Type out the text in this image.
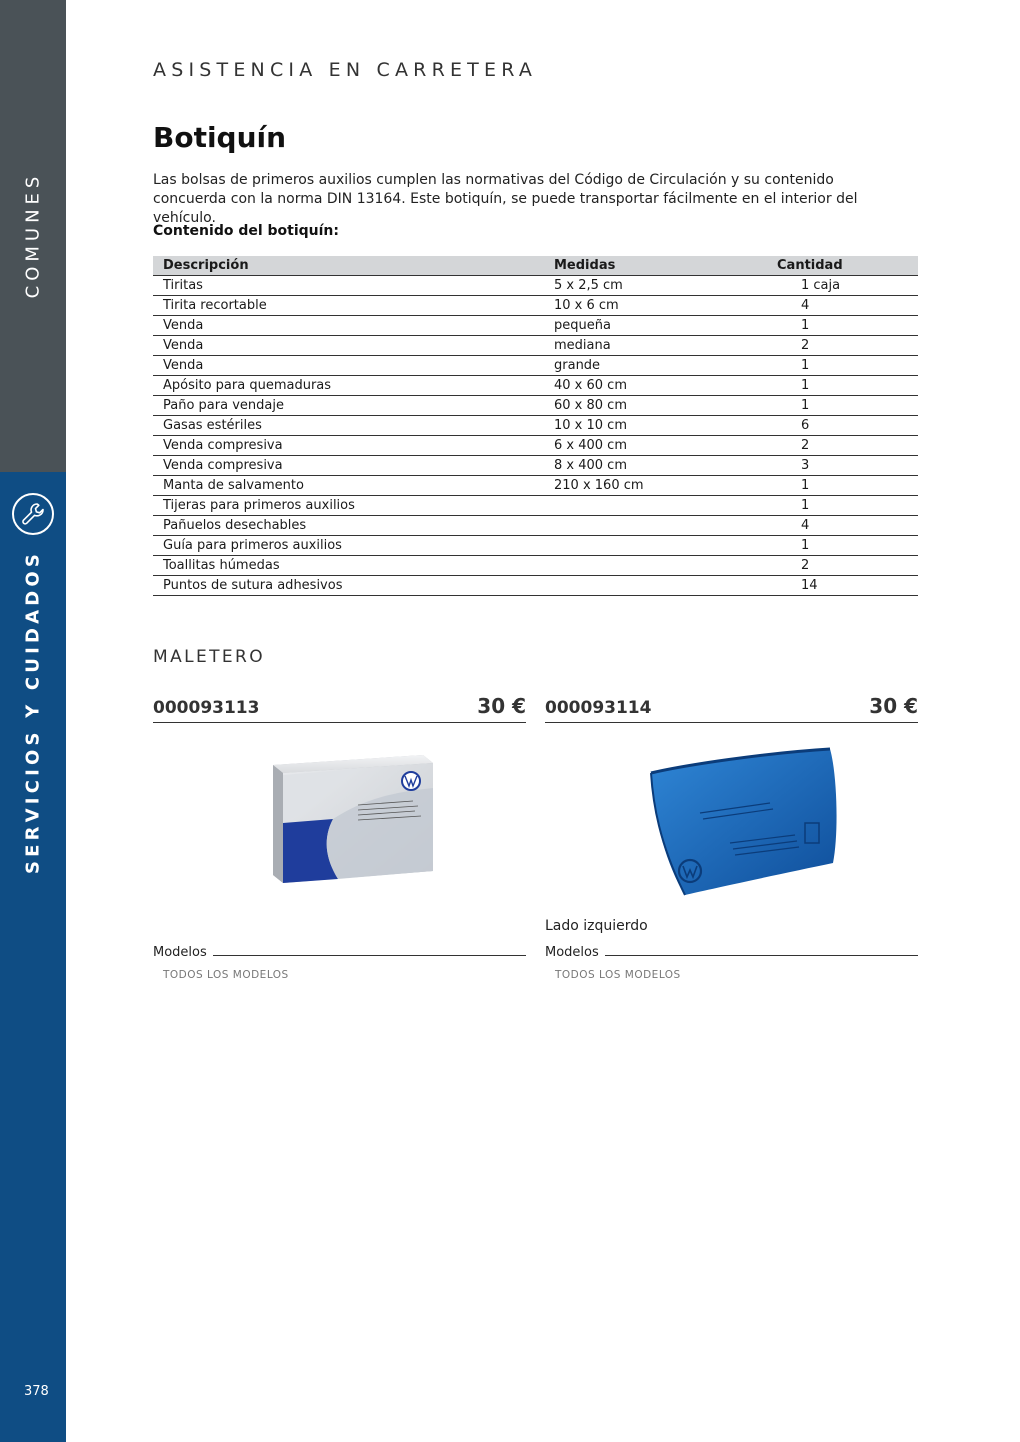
COMUNES
SERVICIOS Y CUIDADOS
378
ASISTENCIA EN CARRETERA
Botiquín

Las bolsas de primeros auxilios cumplen las normativas del Código de Circulación y su contenido concuerda con la norma DIN 13164. Este botiquín, se puede transportar fácilmente en el interior del vehículo.

Contenido del botiquín:
Descripción	Medidas	Cantidad
Tiritas	5 x 2,5 cm	1 caja
Tirita recortable	10 x 6 cm	4
Venda	pequeña	1
Venda	mediana	2
Venda	grande	1
Apósito para quemaduras	40 x 60 cm	1
Paño para vendaje	60 x 80 cm	1
Gasas estériles	10 x 10 cm	6
Venda compresiva	6 x 400 cm	2
Venda compresiva	8 x 400 cm	3
Manta de salvamento	210 x 160 cm	1
Tijeras para primeros auxilios		1
Pañuelos desechables		4
Guía para primeros auxilios		1
Toallitas húmedas		2
Puntos de sutura adhesivos		14
MALETERO
000093113	30 €
Modelos
TODOS LOS MODELOS
000093114	30 €
Lado izquierdo
Modelos
TODOS LOS MODELOS
